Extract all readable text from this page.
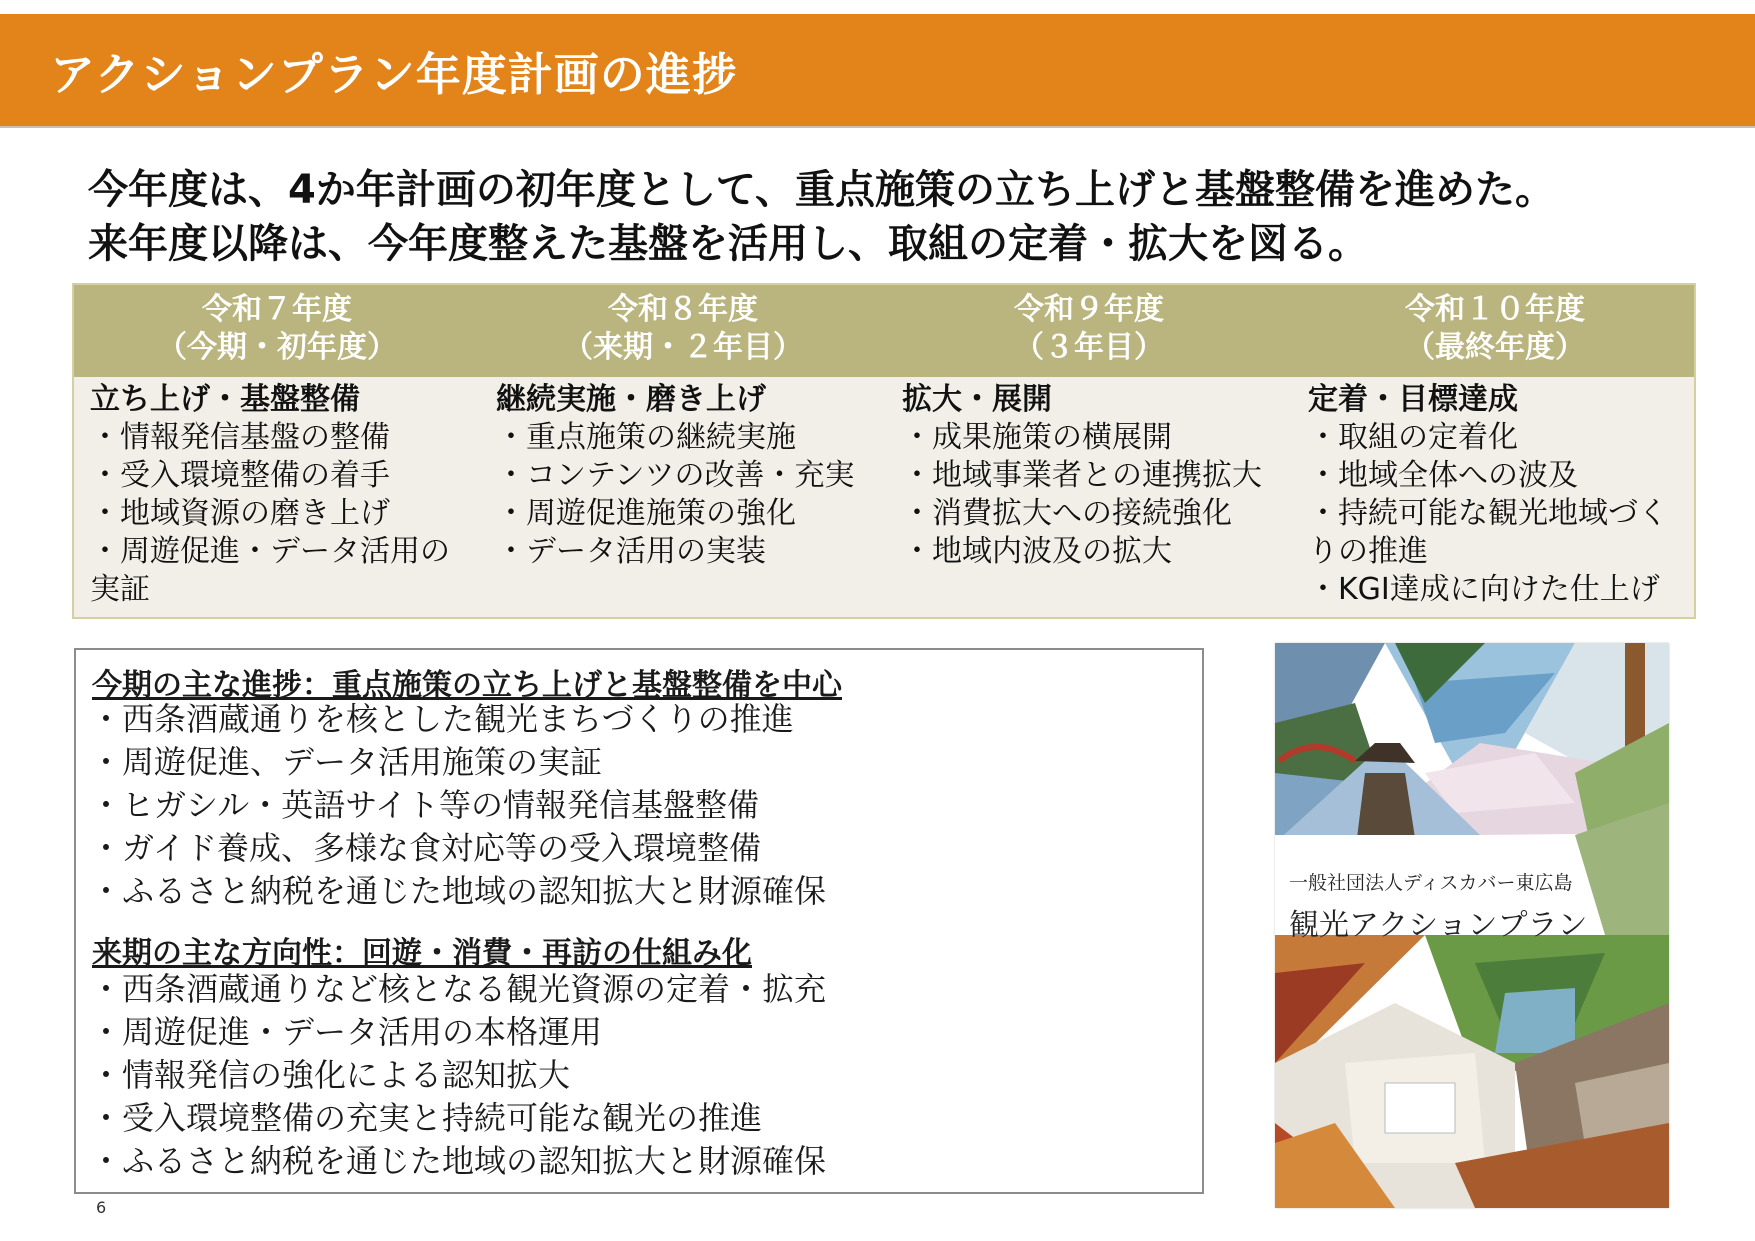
アクションプラン年度計画の進捗
今年度は、4か年計画の初年度として、重点施策の立ち上げと基盤整備を進めた。
来年度以降は、今年度整えた基盤を活用し、取組の定着・拡大を図る。
令和７年度
（今期・初年度）
令和８年度
（来期・２年目）
令和９年度
（３年目）
令和１０年度
（最終年度）
立ち上げ・基盤整備
・情報発信基盤の整備
・受入環境整備の着手
・地域資源の磨き上げ
・周遊促進・データ活用の実証
継続実施・磨き上げ
・重点施策の継続実施
・コンテンツの改善・充実
・周遊促進施策の強化
・データ活用の実装
拡大・展開
・成果施策の横展開
・地域事業者との連携拡大
・消費拡大への接続強化
・地域内波及の拡大
定着・目標達成
・取組の定着化
・地域全体への波及
・持続可能な観光地域づくりの推進
・KGI達成に向けた仕上げ
今期の主な進捗：重点施策の立ち上げと基盤整備を中心
・西条酒蔵通りを核とした観光まちづくりの推進
・周遊促進、データ活用施策の実証
・ヒガシル・英語サイト等の情報発信基盤整備
・ガイド養成、多様な食対応等の受入環境整備
・ふるさと納税を通じた地域の認知拡大と財源確保
来期の主な方向性：回遊・消費・再訪の仕組み化
・西条酒蔵通りなど核となる観光資源の定着・拡充
・周遊促進・データ活用の本格運用
・情報発信の強化による認知拡大
・受入環境整備の充実と持続可能な観光の推進
・ふるさと納税を通じた地域の認知拡大と財源確保
一般社団法人ディスカバー東広島
観光アクションプラン
6
